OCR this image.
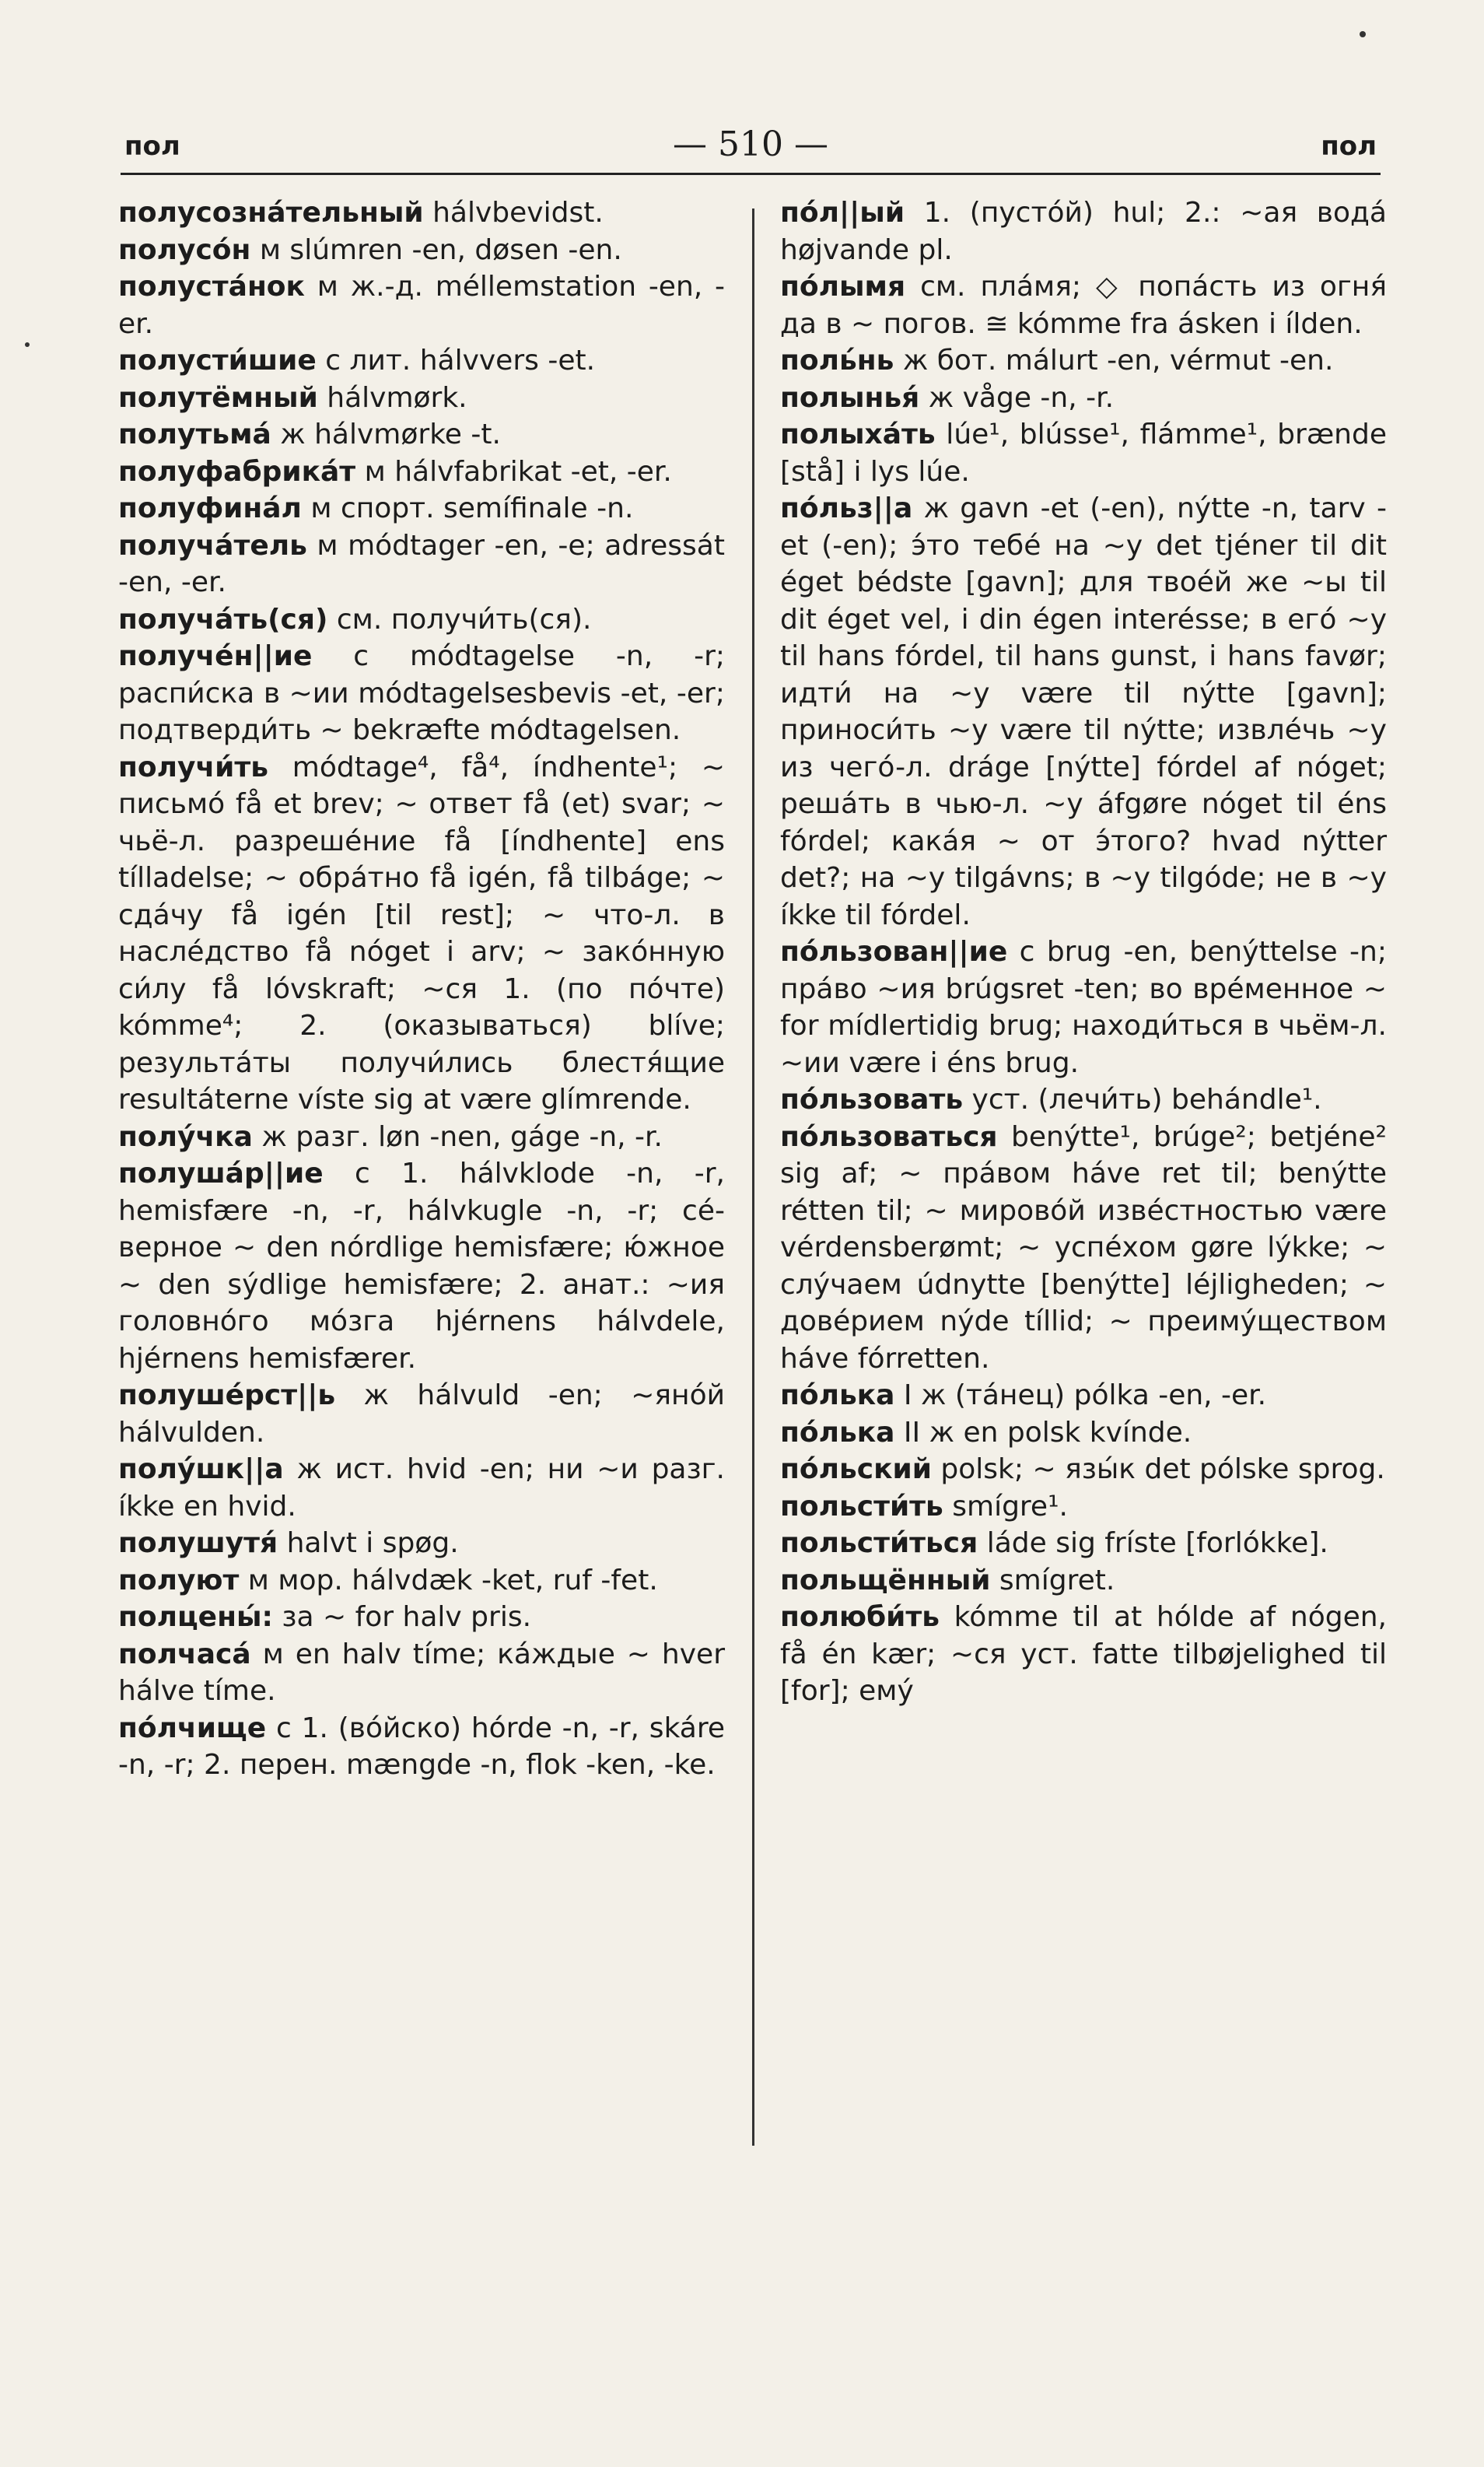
пол	— 510 —	пол

полусознáтельный hálvbevidst.

полусóн м slúmren -en, døsen -en.

полустáнок м ж.-д. méllemstation -en, -er.

полусти́шие с лит. hálvvers -et.

полутёмный hálvmørk.

полутьмá ж hálvmørke -t.

полуфабрикáт м hálvfabrikat -et, -er.

полуфинáл м спорт. semífinale -n.

получáтель м módtager -en, -e; adressát -en, -er.

получáть(ся) см. получи́ть(ся).

получéн||ие с módtagelse -n, -r; распи́ска в ~ии módtagelsesbevis -et, -er; подтверди́ть ~ bekræfte módtagelsen.

получи́ть módtage⁴, få⁴, índhente¹; ~ письмó få et brev; ~ ответ få (et) svar; ~ чьё-л. разрешéние få [índhente] ens tílladelse; ~ обрáтно få igén, få tilbáge; ~ сдáчу få igén [til rest]; ~ что-л. в наслéдство få nóget i arv; ~ закóнную си́лу få lóvskraft; ~ся 1. (по пóчте) kómme⁴; 2. (оказываться) blíve; результáты получи́лись блестя́щие resultáterne víste sig at være glímrende.

полýчка ж разг. løn -nen, gáge -n, -r.

полушáр||ие с 1. hálvklode -n, -r, hemisfære -n, -r, hálvkugle -n, -r; céверное ~ den nórdlige hemisfære; ю́жное ~ den sýdlige hemisfære; 2. анат.: ~ия головнóго мóзга hjérnens hálvdele, hjérnens hemisfærer.

полушéрст||ь ж hálvuld -en; ~янóй hálvulden.

полýшк||а ж ист. hvid -en; ни ~и разг. íkke en hvid.

полушутя́ halvt i spøg.

полуют м мор. hálvdæk -ket, ruf -fet.

полцены́: за ~ for halv pris.

полчасá м en halv tíme; кáждые ~ hver hálve tíme.

пóлчище с 1. (вóйско) hórde -n, -r, skáre -n, -r; 2. перен. mængde -n, flok -ken, -ke.

пóл||ый 1. (пустóй) hul; 2.: ~ая водá højvande pl.

пóлымя см. плáмя; ◇ попáсть из огня́ да в ~ погов. ≅ kómme fra ásken i ílden.

поль́нь ж бот. málurt -en, vérmut -en.

полынья́ ж våge -n, -r.

полыхáть lúe¹, blússe¹, flámme¹, brænde [stå] i lys lúe.

пóльз||а ж gavn -et (-en), nýtte -n, tarv -et (-en); э́то тебé на ~у det tjéner til dit éget bédste [gavn]; для твоéй же ~ы til dit éget vel, i din égen interésse; в егó ~у til hans fórdel, til hans gunst, i hans favør; идти́ на ~у være til nýtte [gavn]; приноси́ть ~у være til nýtte; извлéчь ~у из чегó-л. dráge [nýtte] fórdel af nóget; решáть в чью-л. ~у áfgøre nóget til éns fórdel; какáя ~ от э́того? hvad nýtter det?; на ~у tilgávns; в ~у tilgóde; не в ~у íkke til fórdel.

пóльзован||ие с brug -en, benýttelse -n; прáво ~ия brúgsret -ten; во врéменное ~ for mídlertidig brug; находи́ться в чьём-л. ~ии være i éns brug.

пóльзовать уст. (лечи́ть) behándle¹.

пóльзоваться benýtte¹, brúge²; betjéne² sig af; ~ прáвом háve ret til; benýtte rétten til; ~ мировóй извéстностью være vérdensberømt; ~ успéхом gøre lýkke; ~ слýчаем údnytte [benýtte] léjligheden; ~ довéрием nýde tíllid; ~ преимýществом háve fórretten.

пóлька I ж (тáнец) pólka -en, -er.

пóлька II ж en polsk kvínde.

пóльский polsk; ~ язы́к det pólske sprog.

польсти́ть smígre¹.

польсти́ться láde sig fríste [forlókke].

польщённый smígret.

полюби́ть kómme til at hólde af nógen, få én kær; ~ся уст. fatte tilbøjelighed til [for]; емý
